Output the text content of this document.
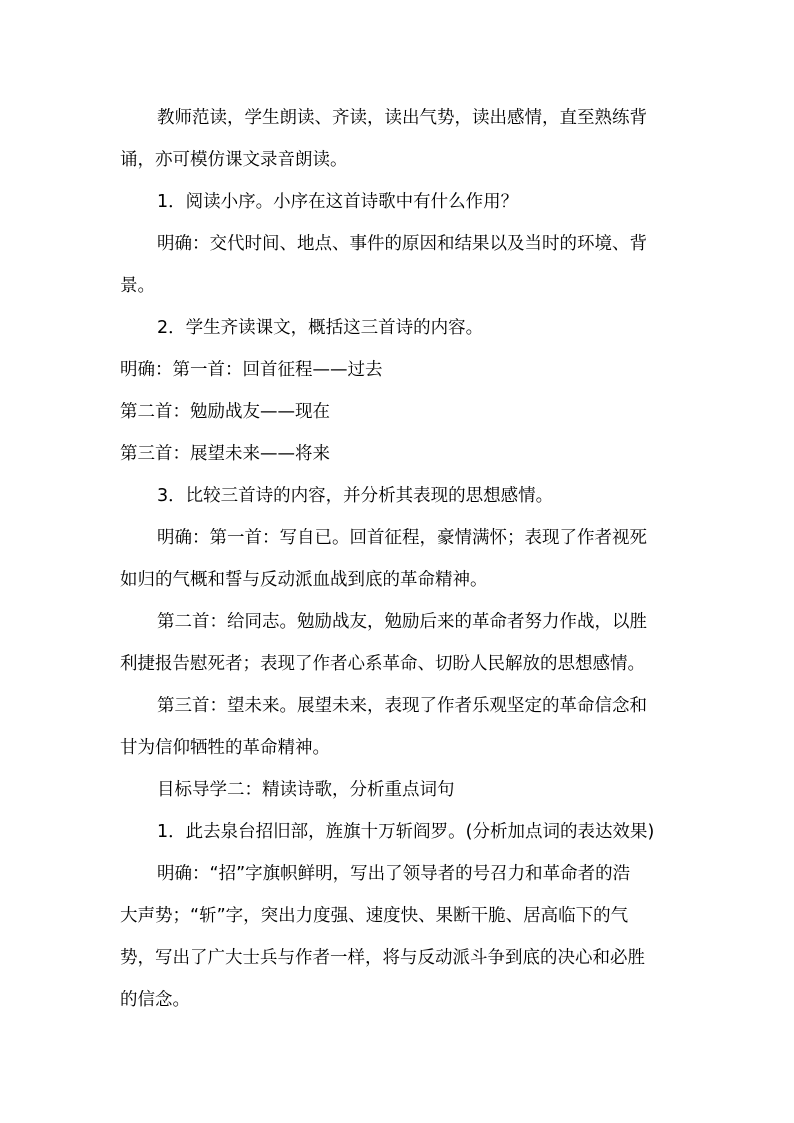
教师范读，学生朗读、齐读，读出气势，读出感情，直至熟练背
诵，亦可模仿课文录音朗读。
1．阅读小序。小序在这首诗歌中有什么作用？
明确：交代时间、地点、事件的原因和结果以及当时的环境、背
景。
2．学生齐读课文，概括这三首诗的内容。
明确：第一首：回首征程——过去
第二首：勉励战友——现在
第三首：展望未来——将来
3．比较三首诗的内容，并分析其表现的思想感情。
明确：第一首：写自已。回首征程，豪情满怀；表现了作者视死
如归的气概和誓与反动派血战到底的革命精神。
第二首：给同志。勉励战友，勉励后来的革命者努力作战，以胜
利捷报告慰死者；表现了作者心系革命、切盼人民解放的思想感情。
第三首：望未来。展望未来，表现了作者乐观坚定的革命信念和
甘为信仰牺牲的革命精神。
目标导学二：精读诗歌，分析重点词句
1．此去泉台招旧部，旌旗十万斩阎罗。(分析加点词的表达效果)
明确：“招”字旗帜鲜明，写出了领导者的号召力和革命者的浩
大声势；“斩”字，突出力度强、速度快、果断干脆、居高临下的气
势，写出了广大士兵与作者一样，将与反动派斗争到底的决心和必胜
的信念。
